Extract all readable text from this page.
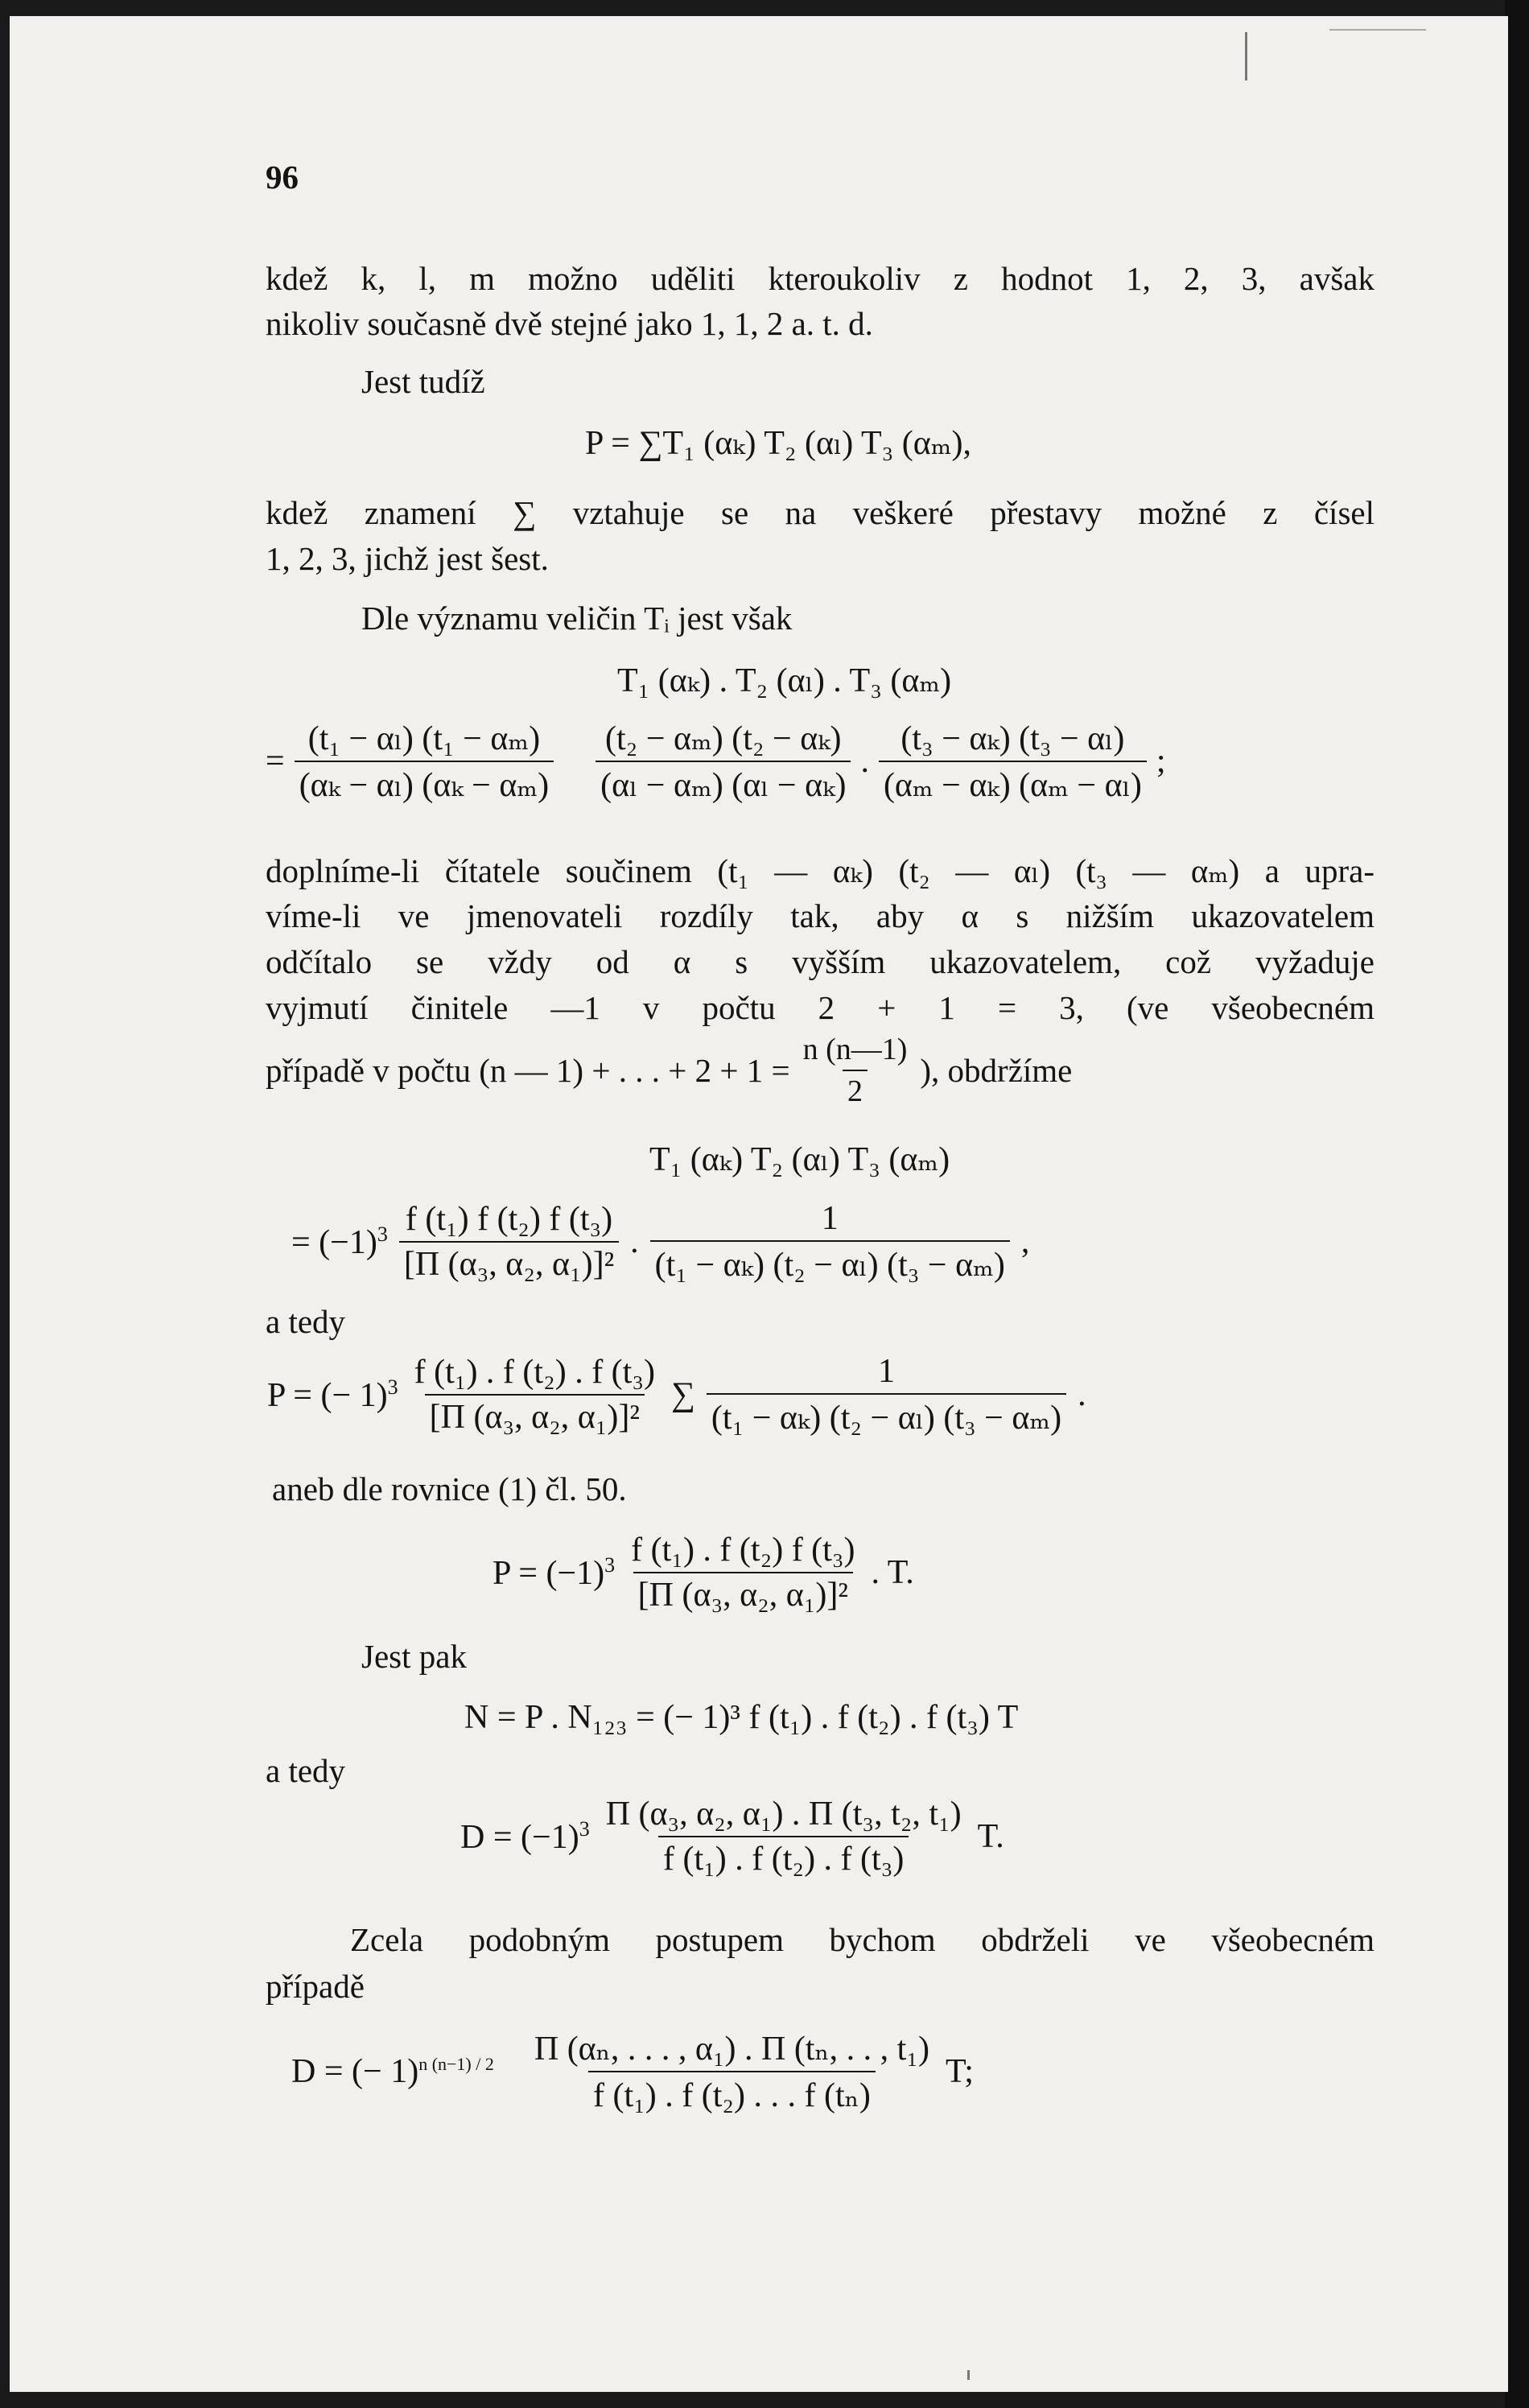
96
kdež k, l, m možno uděliti kteroukoliv z hodnot 1, 2, 3, avšak
nikoliv současně dvě stejné jako 1, 1, 2 a. t. d.
Jest tudíž
P = ∑T₁ (αₖ) T₂ (αₗ) T₃ (αₘ),
kdež znamení ∑ vztahuje se na veškeré přestavy možné z čísel
1, 2, 3, jichž jest šest.
Dle významu veličin Tᵢ jest však
T₁ (αₖ) . T₂ (αₗ) . T₃ (αₘ)
= $\frac{\text{(t₁ − αₗ) (t₁ − αₘ)}}{\text{(αₖ − αₗ) (αₖ − αₘ)}} \frac{\text{(t₂ − αₘ) (t₂ − αₖ)}}{\text{(αₗ − αₘ) (αₗ − αₖ)}}$ . $\frac{\text{(t₃ − αₖ) (t₃ − αₗ)}}{\text{(αₘ − αₖ) (αₘ − αₗ)}}$ ;
doplníme-li čítatele součinem (t₁ — αₖ) (t₂ — αₗ) (t₃ — αₘ) a upra-
víme-li ve jmenovateli rozdíly tak, aby α s nižším ukazovatelem
odčítalo se vždy od α s vyšším ukazovatelem, což vyžaduje
vyjmutí činitele —1 v počtu 2 + 1 = 3, (ve všeobecném
případě v počtu (n — 1) + . . . + $2 + 1 = \frac{n (n—1)}{2}$ ), obdržíme
T₁ (αₖ) T₂ (αₗ) T₃ (αₘ)
= $(-1)^3 \frac{\text{f (t₁) f (t₂) f (t₃)}}{\text{[Π (α₃, α₂, α₁)]²}}$ . $\frac{1}{\text{(t₁ − αₖ) (t₂ − αₗ) (t₃ − αₘ)}}$ ,
a tedy
P = (− $1)^3 \frac{\text{f (t₁) . f (t₂) . f (t₃)}}{\text{[Π (α₃, α₂, α₁)]²}}$ ∑ $\frac{1}{\text{(t₁ − αₖ) (t₂ − αₗ) (t₃ − αₘ)}}$ .
aneb dle rovnice (1) čl. 50.
$P = (-1)^3 \frac{\text{f (t₁) . f (t₂) f (t₃)}}{\text{[Π (α₃, α₂, α₁)]²}}$ . T.
Jest pak
N = P . N₁₂₃ = (− 1)³ f (t₁) . f (t₂) . f (t₃) T
a tedy
$D = (-1)^3 \frac{\text{Π (α₃, α₂, α₁) . Π (t₃, t₂, t₁)}}{\text{f (t₁) . f (t₂) . f (t₃)}} T$.
Zcela podobným postupem bychom obdrželi ve všeobecném
případě
D = (− $1)^{n (n-1) / 2} \frac{\text{Π (αₙ, . . . , α₁) . Π (tₙ, . . , t₁)}}{\text{f (t₁) . f (t₂) . . . f (tₙ)}} T$;
